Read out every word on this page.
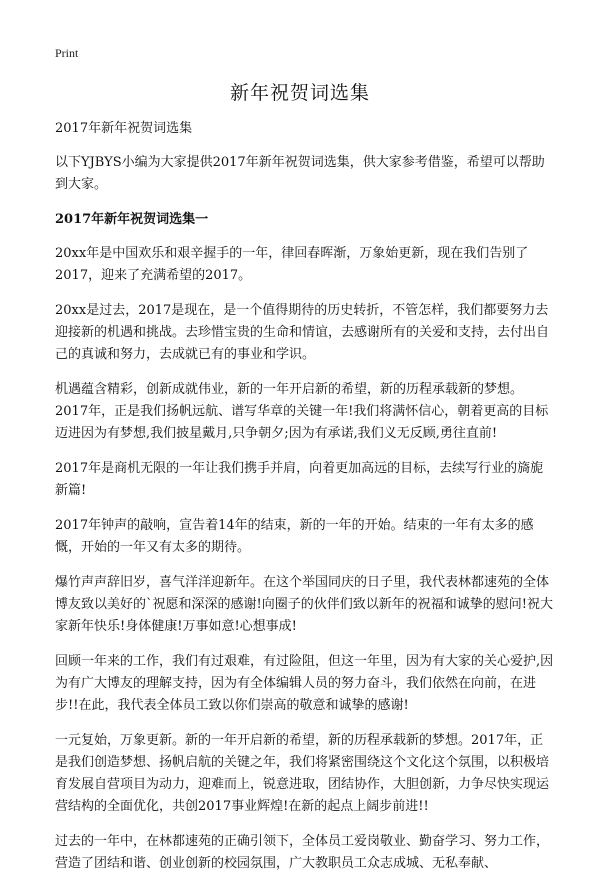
Print
新年祝贺词选集

2017年新年祝贺词选集

以下YJBYS小编为大家提供2017年新年祝贺词选集，供大家参考借鉴，希望可以帮助到大家。

2017年新年祝贺词选集一

20xx年是中国欢乐和艰辛握手的一年，律回春晖渐，万象始更新，现在我们告别了2017，迎来了充满希望的2017。

20xx是过去，2017是现在，是一个值得期待的历史转折，不管怎样，我们都要努力去迎接新的机遇和挑战。去珍惜宝贵的生命和情谊，去感谢所有的关爱和支持，去付出自己的真诚和努力，去成就已有的事业和学识。

机遇蕴含精彩，创新成就伟业，新的一年开启新的希望，新的历程承载新的梦想。2017年，正是我们扬帆远航、谱写华章的关键一年!我们将满怀信心，朝着更高的目标迈进因为有梦想,我们披星戴月,只争朝夕;因为有承诺,我们义无反顾,勇往直前!

2017年是商机无限的一年让我们携手并肩，向着更加高远的目标，去续写行业的旖旎新篇!

2017年钟声的敲响，宣告着14年的结束，新的一年的开始。结束的一年有太多的感慨，开始的一年又有太多的期待。

爆竹声声辞旧岁，喜气洋洋迎新年。在这个举国同庆的日子里，我代表林都速苑的全体博友致以美好的`祝愿和深深的感谢!向圈子的伙伴们致以新年的祝福和诚挚的慰问!祝大家新年快乐!身体健康!万事如意!心想事成!

回顾一年来的工作，我们有过艰难，有过险阻，但这一年里，因为有大家的关心爱护,因为有广大博友的理解支持，因为有全体编辑人员的努力奋斗，我们依然在向前，在进步!!在此，我代表全体员工致以你们崇高的敬意和诚挚的感谢!

一元复始，万象更新。新的一年开启新的希望，新的历程承载新的梦想。2017年，正是我们创造梦想、扬帆启航的关键之年，我们将紧密围绕这个文化这个氛围，以积极培育发展自营项目为动力，迎难而上，锐意进取，团结协作，大胆创新，力争尽快实现运营结构的全面优化，共创2017事业辉煌!在新的起点上阔步前进!!

过去的一年中，在林都速苑的正确引领下，全体员工爱岗敬业、勤奋学习、努力工作，营造了团结和谐、创业创新的校园氛围，广大教职员工众志成城、无私奉献、
